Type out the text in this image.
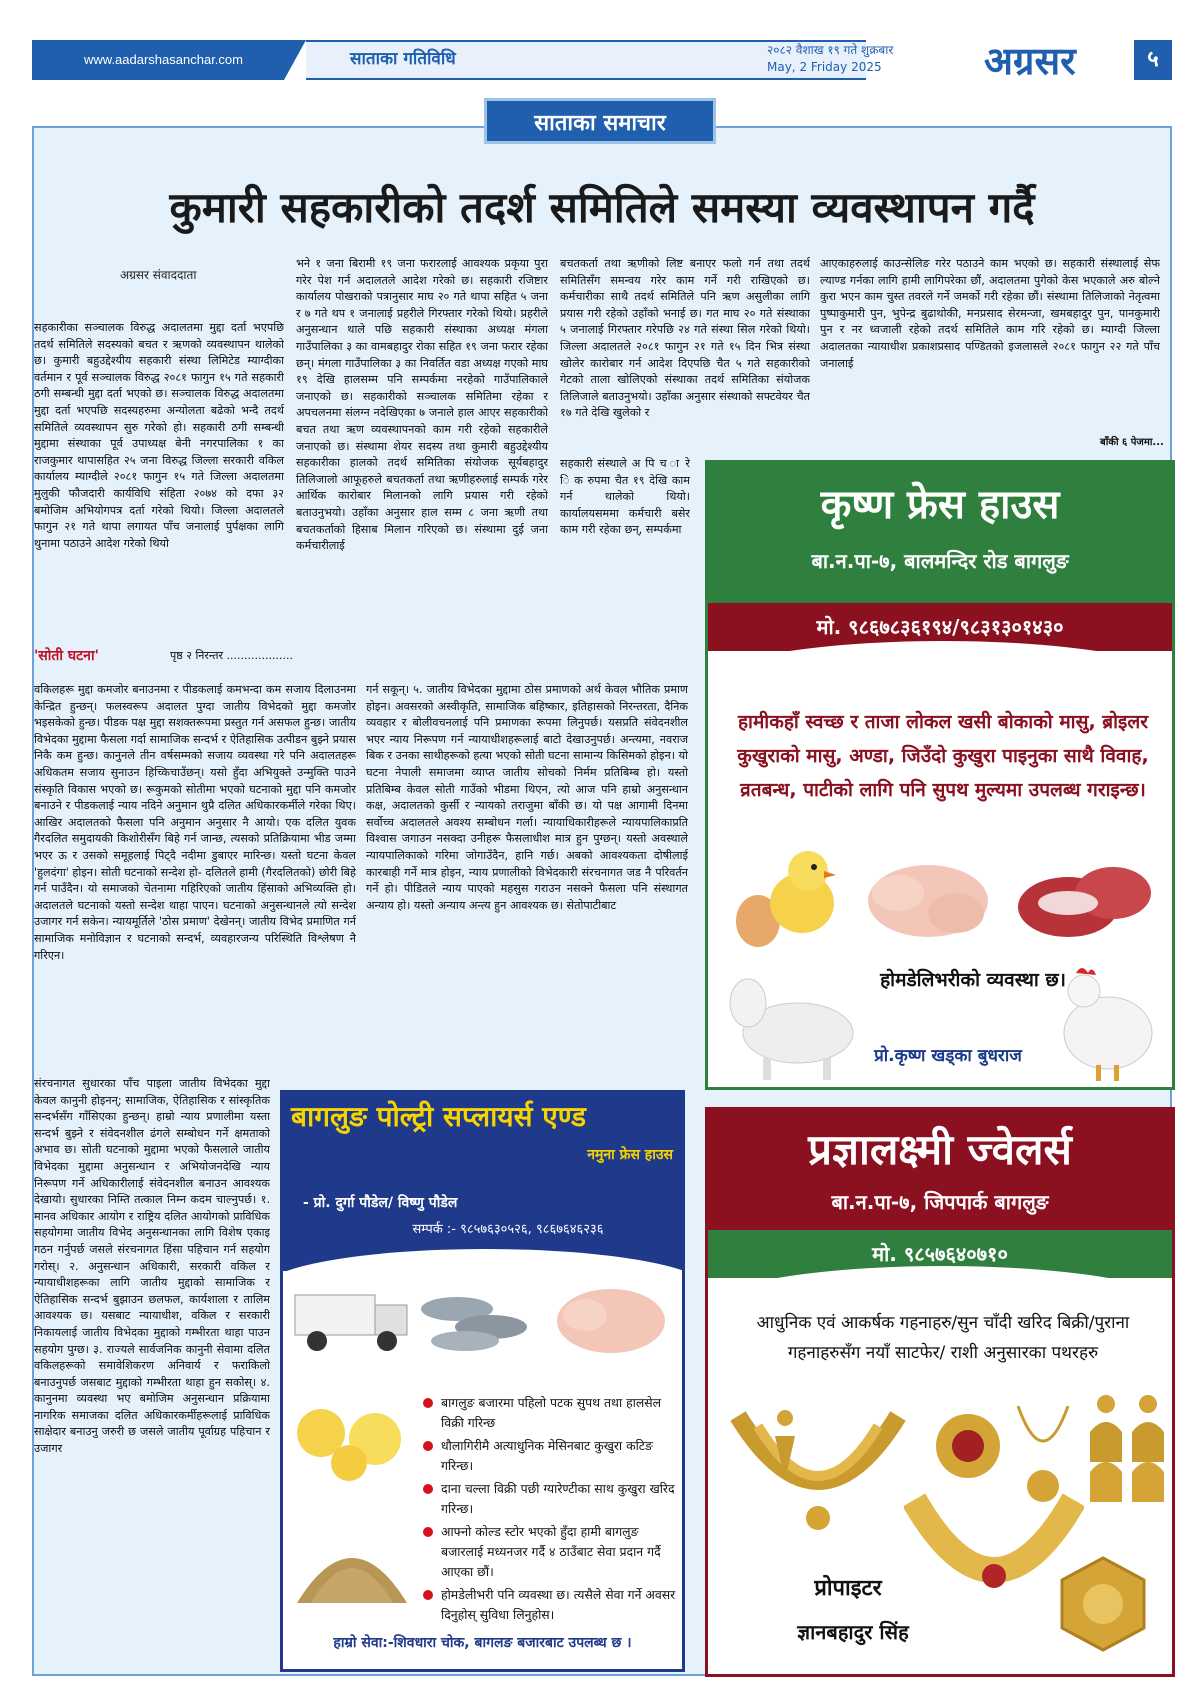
www.aadarshasanchar.com	साताका गतिविधि	२०८२ वैशाख १९ गते शुक्रबार
May, 2 Friday 2025	अग्रसर	५
साताका समाचार
कुमारी सहकारीको तदर्श समितिले समस्या व्यवस्थापन गर्दै
अग्रसर संवाददाता

सहकारीका सञ्चालक विरुद्ध अदालतमा मुद्दा दर्ता भएपछि तदर्थ समितिले सदस्यको बचत र ऋणको व्यवस्थापन थालेको छ। कुमारी बहुउद्देश्यीय सहकारी संस्था लिमिटेड म्याग्दीका वर्तमान र पूर्व सञ्चालक विरुद्ध २०८१ फागुन १५ गते सहकारी ठगी सम्बन्धी मुद्दा दर्ता भएको छ। सञ्चालक विरुद्ध अदालतमा मुद्दा दर्ता भएपछि सदस्यहरुमा अन्योलता बढेको भन्दै तदर्थ समितिले व्यवस्थापन सुरु गरेको हो। सहकारी ठगी सम्बन्धी मुद्दामा संस्थाका पूर्व उपाध्यक्ष बेनी नगरपालिका १ का राजकुमार थापासहित २५ जना विरुद्ध जिल्ला सरकारी वकिल कार्यालय म्याग्दीले २०८१ फागुन १५ गते जिल्ला अदालतमा मुलुकी फौजदारी कार्यविधि संहिता २०७४ को दफा ३२ बमोजिम अभियोगपत्र दर्ता गरेको थियो। जिल्ला अदालतले फागुन २१ गते थापा लगायत पाँच जनालाई पुर्पक्षका लागि थुनामा पठाउने आदेश गरेको थियो

भने १ जना बिरामी १९ जना फरारलाई आवश्यक प्रकृया पुरा गरेर पेश गर्न अदालतले आदेश गरेको छ। सहकारी रजिष्टार कार्यालय पोखराको पत्रानुसार माघ २० गते थापा सहित ५ जना र ७ गते थप १ जनालाई प्रहरीले गिरफ्तार गरेको थियो। प्रहरीले अनुसन्धान थाले पछि सहकारी संस्थाका अध्यक्ष मंगला गाउँपालिका ३ का वामबहादुर रोका सहित १९ जना फरार रहेका छन्। मंगला गाउँपालिका ३ का निवर्तित वडा अध्यक्ष गएको माघ १९ देखि हालसम्म पनि सम्पर्कमा नरहेको गाउँपालिकाले जनाएको छ। सहकारीको सञ्चालक समितिमा रहेका र अपचलनमा संलग्न नदेखिएका ७ जनाले हाल आएर सहकारीको बचत तथा ऋण व्यवस्थापनको काम गरी रहेको सहकारीले जनाएको छ। संस्थामा शेयर सदस्य तथा कुमारी बहुउद्देश्यीय सहकारीका हालको तदर्थ समितिका संयोजक सूर्यबहादुर तिलिजालो आफूहरुले बचतकर्ता तथा ऋणीहरुलाई सम्पर्क गरेर आर्थिक कारोबार मिलानको लागि प्रयास गरी रहेको बताउनुभयो। उहाँका अनुसार हाल सम्म ८ जना ऋणी तथा बचतकर्ताको हिसाब मिलान गरिएको छ। संस्थामा दुई जना कर्मचारीलाई

बचतकर्ता तथा ऋणीको लिष्ट बनाएर फलो गर्न तथा तदर्थ समितिसँग समन्वय गरेर काम गर्ने गरी राखिएको छ। कर्मचारीका साथै तदर्थ समितिले पनि ऋण असुलीका लागि प्रयास गरी रहेको उहाँको भनाई छ। गत माघ २० गते संस्थाका ५ जनालाई गिरफ्तार गरेपछि २४ गते संस्था सिल गरेको थियो। जिल्ला अदालतले २०८१ फागुन २१ गते १५ दिन भित्र संस्था खोलेर कारोबार गर्न आदेश दिएपछि चैत ५ गते सहकारीको गेटको ताला खोलिएको संस्थाका तदर्थ समितिका संयोजक तिलिजाले बताउनुभयो। उहाँका अनुसार संस्थाको सफ्टवेयर चैत १७ गते देखि खुलेको र

सहकारी संस्थाले अ पि च ा रे ि क रुपमा चैत १९ देखि काम गर्न थालेको थियो। कार्यालयसममा कर्मचारी बसेर काम गरी रहेका छन्, सम्पर्कमा

आएकाहरुलाई काउन्सेलिङ गरेर पठाउने काम भएको छ। सहकारी संस्थालाई सेफ ल्याण्ड गर्नका लागि हामी लागिपरेका छौं, अदालतमा पुगेको केस भएकाले अरु बोल्ने कुरा भएन काम चुस्त तवरले गर्ने जमर्को गरी रहेका छौं। संस्थामा तिलिजाको नेतृत्वमा पुष्पाकुमारी पुन, भुपेन्द्र बुढाथोकी, मनप्रसाद सेरमन्जा, खमबहादुर पुन, पानकुमारी पुन र नर ध्वजाली रहेको तदर्थ समितिले काम गरि रहेको छ। म्याग्दी जिल्ला अदालतका न्यायाधीश प्रकाशप्रसाद पण्डितको इजलासले २०८१ फागुन २२ गते पाँच जनालाई

बाँकी ६ पेजमा...
'सोती घटना'	पृष्ठ २ निरन्तर ...................

वकिलहरू मुद्दा कमजोर बनाउनमा र पीडकलाई कमभन्दा कम सजाय दिलाउनमा केन्द्रित हुन्छन्। फलस्वरूप अदालत पुग्दा जातीय विभेदको मुद्दा कमजोर भइसकेको हुन्छ। पीडक पक्ष मुद्दा सशक्तरूपमा प्रस्तुत गर्न असफल हुन्छ। जातीय विभेदका मुद्दामा फैसला गर्दा सामाजिक सन्दर्भ र ऐतिहासिक उत्पीडन बुझ्ने प्रयास निकै कम हुन्छ। कानुनले तीन वर्षसम्मको सजाय व्यवस्था गरे पनि अदालतहरू अधिकतम सजाय सुनाउन हिच्किचाउँछन्। यसो हुँदा अभियुक्ते उन्मुक्ति पाउने संस्कृति विकास भएको छ। रूकुमको सोतीमा भएको घटनाको मुद्दा पनि कमजोर बनाउने र पीडकलाई न्याय नदिने अनुमान थुप्रै दलित अधिकारकर्मीले गरेका थिए। आखिर अदालतको फैसला पनि अनुमान अनुसार नै आयो। एक दलित युवक गैरदलित समुदायकी किशोरीसँग बिहे गर्न जान्छ, त्यसको प्रतिक्रियामा भीड जम्मा भएर ऊ र उसको समूहलाई पिट्दै नदीमा डुबाएर मारिन्छ। यस्तो घटना केवल 'हुलदंगा' होइन। सोती घटनाको सन्देश हो- दलितले हामी (गैरदलितको) छोरी बिहे गर्न पाउँदैन। यो समाजको चेतनामा गहिरिएको जातीय हिंसाको अभिव्यक्ति हो। अदालतले घटनाको यस्तो सन्देश थाहा पाएन। घटनाको अनुसन्धानले त्यो सन्देश उजागर गर्न सकेन। न्यायमूर्तिले 'ठोस प्रमाण' देखेनन्। जातीय विभेद प्रमाणित गर्न सामाजिक मनोविज्ञान र घटनाको सन्दर्भ, व्यवहारजन्य परिस्थिति विश्लेषण नै गरिएन।

संरचनागत सुधारका पाँच पाइला जातीय विभेदका मुद्दा केवल कानुनी होइनन्; सामाजिक, ऐतिहासिक र सांस्कृतिक सन्दर्भसँग गाँसिएका हुन्छन्। हाम्रो न्याय प्रणालीमा यस्ता सन्दर्भ बुझ्ने र संवेदनशील ढंगले सम्बोधन गर्ने क्षमताको अभाव छ। सोती घटनाको मुद्दामा भएको फैसलाले जातीय विभेदका मुद्दामा अनुसन्धान र अभियोजनदेखि न्याय निरूपण गर्ने अधिकारीलाई संवेदनशील बनाउन आवश्यक देखायो। सुधारका निम्ति तत्काल निम्न कदम चाल्नुपर्छ। १. मानव अधिकार आयोग र राष्ट्रिय दलित आयोगको प्राविधिक सहयोगमा जातीय विभेद अनुसन्धानका लागि विशेष एकाइ गठन गर्नुपर्छ जसले संरचनागत हिंसा पहिचान गर्न सहयोग गरोस्। २. अनुसन्धान अधिकारी, सरकारी वकिल र न्यायाधीशहरूका लागि जातीय मुद्दाको सामाजिक र ऐतिहासिक सन्दर्भ बुझाउन छलफल, कार्यशाला र तालिम आवश्यक छ। यसबाट न्यायाधीश, वकिल र सरकारी निकायलाई जातीय विभेदका मुद्दाको गम्भीरता थाहा पाउन सहयोग पुग्छ। ३. राज्यले सार्वजनिक कानुनी सेवामा दलित वकिलहरूको समावेशिकरण अनिवार्य र फराकिलो बनाउनुपर्छ जसबाट मुद्दाको गम्भीरता थाहा हुन सकोस्। ४. कानुनमा व्यवस्था भए बमोजिम अनुसन्धान प्रक्रियामा नागरिक समाजका दलित अधिकारकर्मीहरूलाई प्राविधिक साक्षेदार बनाउनु जरुरी छ जसले जातीय पूर्वाग्रह पहिचान र उजागर

गर्न सकून्। ५. जातीय विभेदका मुद्दामा ठोस प्रमाणको अर्थ केवल भौतिक प्रमाण होइन। अवसरको अस्वीकृति, सामाजिक बहिष्कार, इतिहासको निरन्तरता, दैनिक व्यवहार र बोलीवचनलाई पनि प्रमाणका रूपमा लिनुपर्छ। यसप्रति संवेदनशील भएर न्याय निरूपण गर्न न्यायाधीशहरूलाई बाटो देखाउनुपर्छ। अन्त्यमा, नवराज बिक र उनका साथीहरूको हत्या भएको सोती घटना सामान्य किसिमको होइन। यो घटना नेपाली समाजमा व्याप्त जातीय सोचको निर्मम प्रतिबिम्ब हो। यस्तो प्रतिबिम्ब केवल सोती गाउँको भीडमा थिएन, त्यो आज पनि हाम्रो अनुसन्धान कक्ष, अदालतको कुर्सी र न्यायको तराजुमा बाँकी छ। यो पक्ष आगामी दिनमा सर्वोच्च अदालतले अवश्य सम्बोधन गर्ला। न्यायाधिकारीहरूले न्यायपालिकाप्रति विश्वास जगाउन नसक्दा उनीहरू फैसलाधीश मात्र हुन पुग्छन्। यस्तो अवस्थाले न्यायपालिकाको गरिमा जोगाउँदैन, हानि गर्छ। अबको आवश्यकता दोषीलाई कारबाही गर्ने मात्र होइन, न्याय प्रणालीको विभेदकारी संरचनागत जड नै परिवर्तन गर्ने हो। पीडितले न्याय पाएको महसुस गराउन नसक्ने फैसला पनि संस्थागत अन्याय हो। यस्तो अन्याय अन्त्य हुन आवश्यक छ। सेतोपाटीबाट

कृष्ण फ्रेस हाउस
बा.न.पा-७, बालमन्दिर रोड बागलुङ
मो. ९८६७८३६१९४/९८३१३०१४३०
हामीकहाँ स्वच्छ र ताजा लोकल खसी बोकाको मासु, ब्रोइलर कुखुराको मासु, अण्डा, जिउँदो कुखुरा पाइनुका साथै विवाह, व्रतबन्ध, पाटीको लागि पनि सुपथ मुल्यमा उपलब्ध गराइन्छ।
होमडेलिभरीको व्यवस्था छ।
प्रो.कृष्ण खड्का बुधराज
प्रज्ञालक्ष्मी ज्वेलर्स
बा.न.पा-७, जिपपार्क बागलुङ
मो. ९८५७६४०७१०
आधुनिक एवं आकर्षक गहनाहरु/सुन चाँदी खरिद बिक्री/पुराना गहनाहरुसँग नयाँ साटफेर/ राशी अनुसारका पथरहरु
प्रोपाइटर
ज्ञानबहादुर सिंह
बागलुङ पोल्ट्री सप्लायर्स एण्ड
नमुना फ्रेस हाउस
- प्रो. दुर्गा पौडेल/ विष्णु पौडेल
सम्पर्क :- ९८५७६३०५२६, ९८६७६४६२३६
बागलुङ बजारमा पहिलो पटक सुपथ तथा हालसेल विक्री गरिन्छ
धौलागिरीमै अत्याधुनिक मेसिनबाट कुखुरा कटिङ गरिन्छ।
दाना चल्ला विक्री पछी ग्यारेण्टीका साथ कुखुरा खरिद गरिन्छ।
आफ्नो कोल्ड स्टोर भएको हुँदा हामी बागलुङ बजारलाई मध्यनजर गर्दै ४ ठाउँबाट सेवा प्रदान गर्दै आएका छौं।
होमडेलीभरी पनि व्यवस्था छ। त्यसैले सेवा गर्ने अवसर दिनुहोस् सुविधा लिनुहोस।
हाम्रो सेवा:-शिवधारा चोक, बागलङ बजारबाट उपलब्ध छ ।
